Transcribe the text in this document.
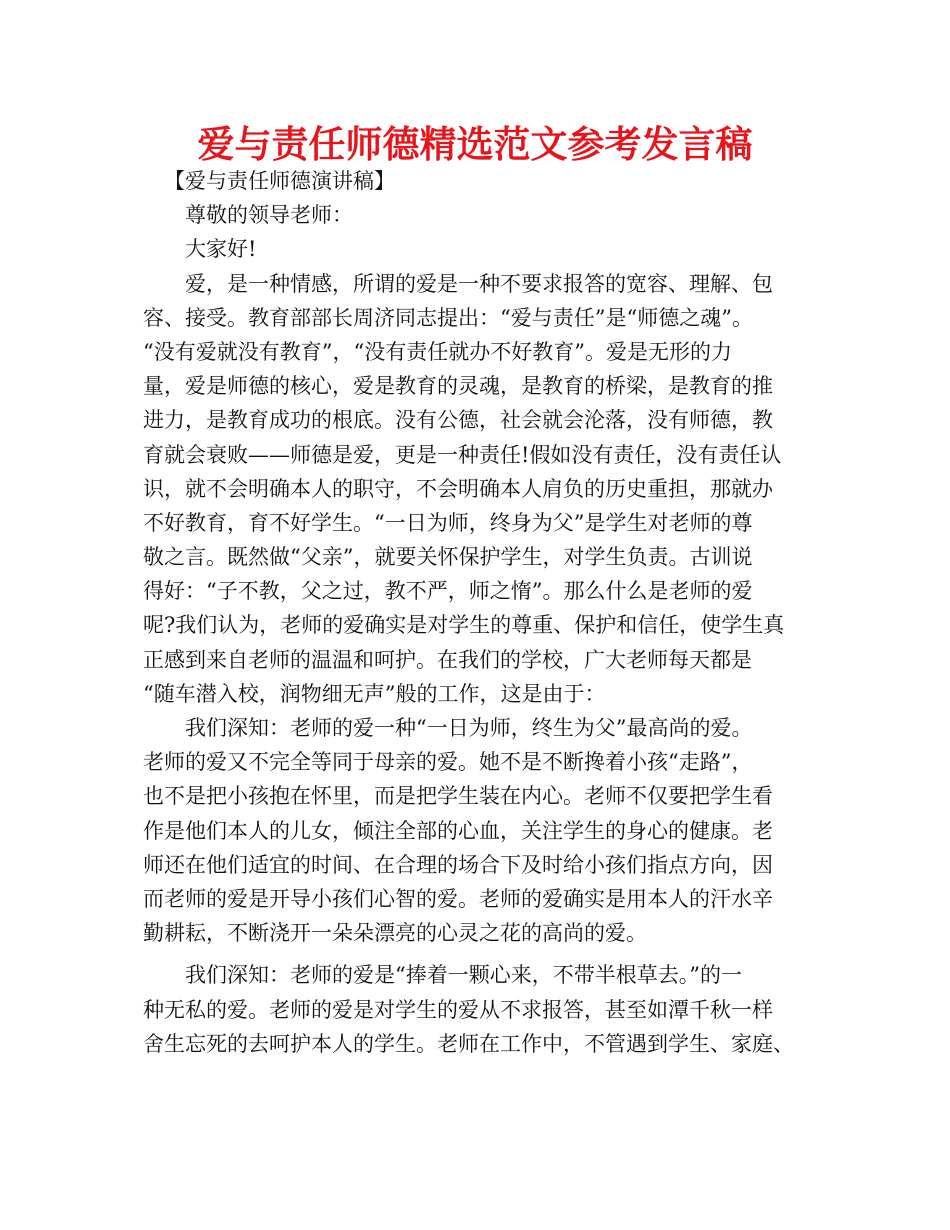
爱与责任师德精选范文参考发言稿
【爱与责任师德演讲稿】
尊敬的领导老师：
大家好!
爱，是一种情感，所谓的爱是一种不要求报答的宽容、理解、包
容、接受。教育部部长周济同志提出：“爱与责任”是“师德之魂”。
“没有爱就没有教育”，“没有责任就办不好教育”。爱是无形的力
量，爱是师德的核心，爱是教育的灵魂，是教育的桥梁，是教育的推
进力，是教育成功的根底。没有公德，社会就会沦落，没有师德，教
育就会衰败——师德是爱，更是一种责任!假如没有责任，没有责任认
识，就不会明确本人的职守，不会明确本人肩负的历史重担，那就办
不好教育，育不好学生。“一日为师，终身为父”是学生对老师的尊
敬之言。既然做“父亲”，就要关怀保护学生，对学生负责。古训说
得好：“子不教，父之过，教不严，师之惰”。那么什么是老师的爱
呢?我们认为，老师的爱确实是对学生的尊重、保护和信任，使学生真
正感到来自老师的温温和呵护。在我们的学校，广大老师每天都是
“随车潜入校，润物细无声”般的工作，这是由于：
我们深知：老师的爱一种“一日为师，终生为父”最高尚的爱。
老师的爱又不完全等同于母亲的爱。她不是不断搀着小孩“走路”，
也不是把小孩抱在怀里，而是把学生装在内心。老师不仅要把学生看
作是他们本人的儿女，倾注全部的心血，关注学生的身心的健康。老
师还在他们适宜的时间、在合理的场合下及时给小孩们指点方向，因
而老师的爱是开导小孩们心智的爱。老师的爱确实是用本人的汗水辛
勤耕耘，不断浇开一朵朵漂亮的心灵之花的高尚的爱。
我们深知：老师的爱是“捧着一颗心来，不带半根草去。”的一
种无私的爱。老师的爱是对学生的爱从不求报答，甚至如潭千秋一样
舍生忘死的去呵护本人的学生。老师在工作中，不管遇到学生、家庭、
